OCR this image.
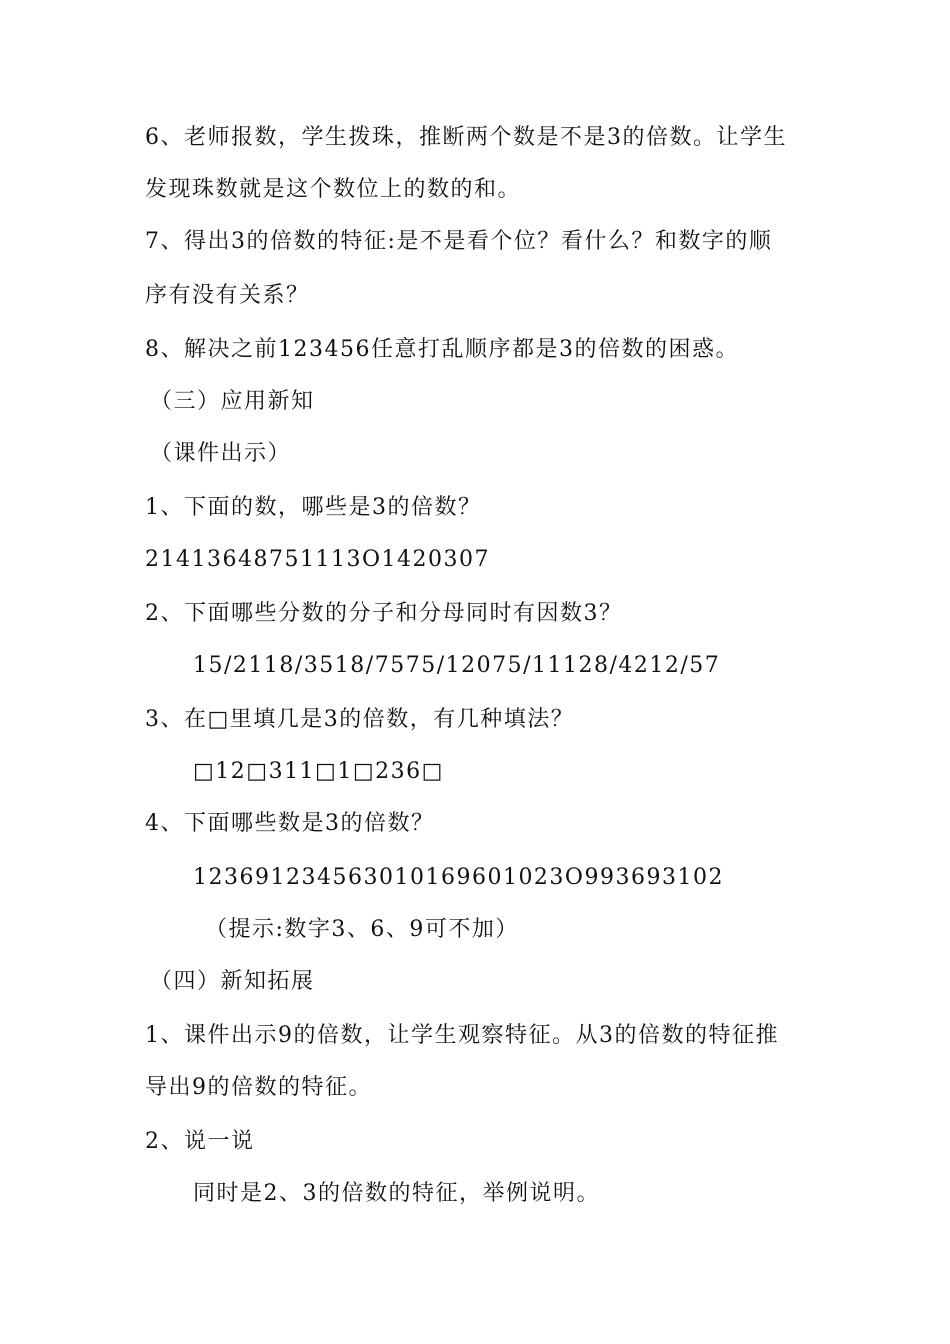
6、老师报数，学生拨珠，推断两个数是不是3的倍数。让学生
发现珠数就是这个数位上的数的和。
7、得出3的倍数的特征:是不是看个位？看什么？和数字的顺
序有没有关系？
8、解决之前123456任意打乱顺序都是3的倍数的困惑。
（三）应用新知
（课件出示）
1、下面的数，哪些是3的倍数？
21413648751113O1420307
2、下面哪些分数的分子和分母同时有因数3？
15/2118/3518/7575/12075/11128/4212/57
3、在□里填几是3的倍数，有几种填法？
□12□311□1□236□
4、下面哪些数是3的倍数？
123691234563010169601023O993693102
（提示:数字3、6、9可不加）
（四）新知拓展
1、课件出示9的倍数，让学生观察特征。从3的倍数的特征推
导出9的倍数的特征。
2、说一说
同时是2、3的倍数的特征，举例说明。
